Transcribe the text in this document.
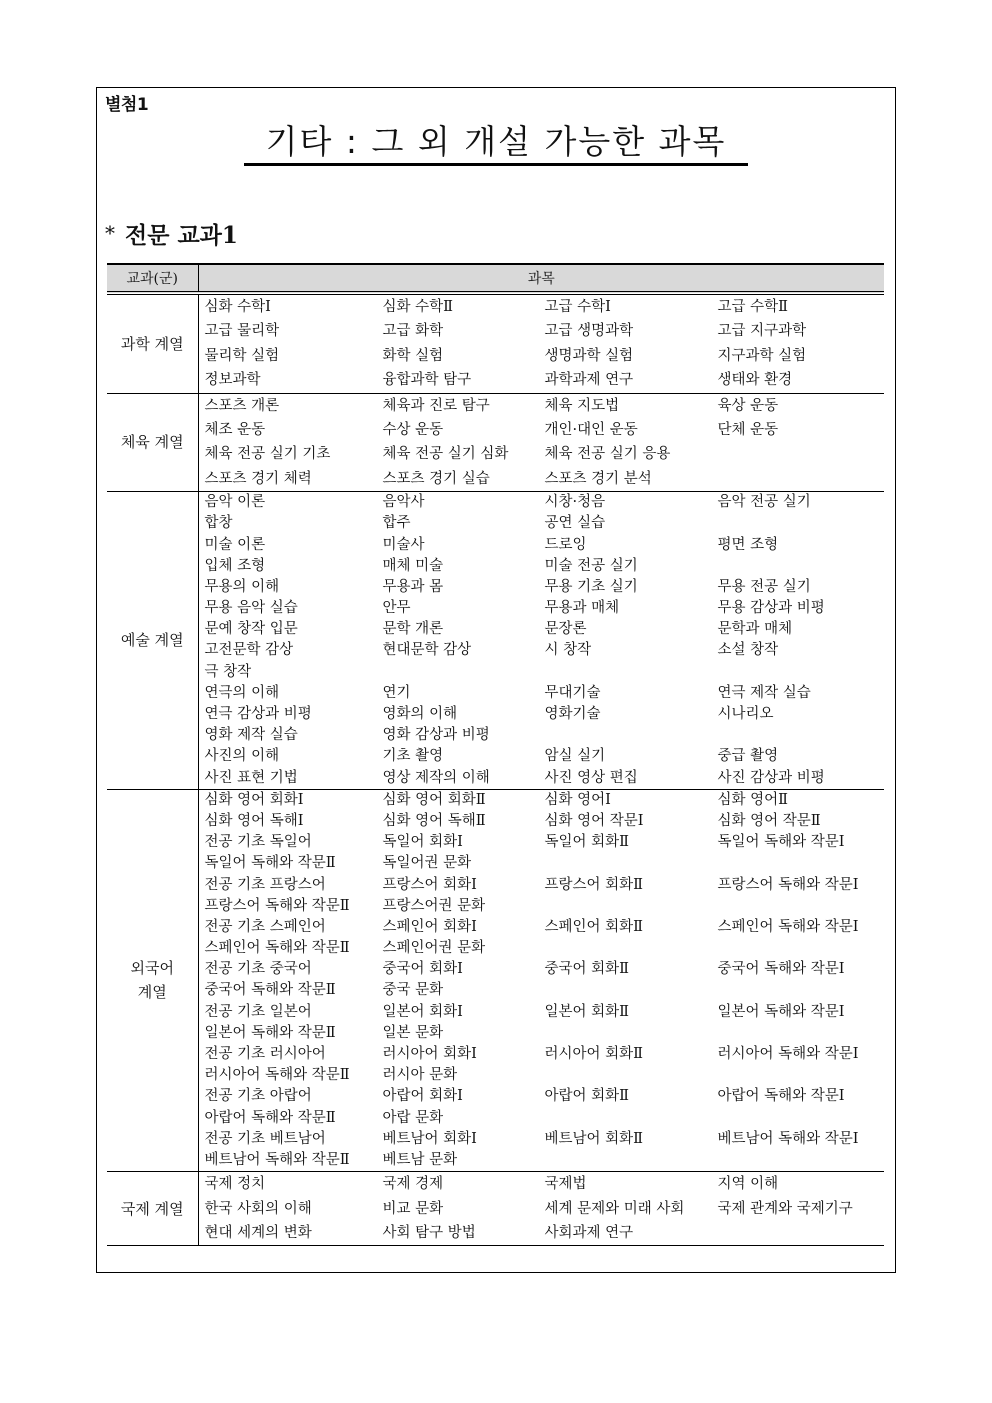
별첨1
기타 : 그 외 개설 가능한 과목
* 전문 교과1
교과(군)	과목
과학 계열	
심화 수학Ⅰ	심화 수학Ⅱ	고급 수학Ⅰ	고급 수학Ⅱ
고급 물리학	고급 화학	고급 생명과학	고급 지구과학
물리학 실험	화학 실험	생명과학 실험	지구과학 실험
정보과학	융합과학 탐구	과학과제 연구	생태와 환경

체육 계열	
스포츠 개론	체육과 진로 탐구	체육 지도법	육상 운동
체조 운동	수상 운동	개인·대인 운동	단체 운동
체육 전공 실기 기초	체육 전공 실기 심화	체육 전공 실기 응용
스포츠 경기 체력	스포츠 경기 실습	스포츠 경기 분석

예술 계열	
음악 이론	음악사	시창·청음	음악 전공 실기
합창	합주	공연 실습
미술 이론	미술사	드로잉	평면 조형
입체 조형	매체 미술	미술 전공 실기
무용의 이해	무용과 몸	무용 기초 실기	무용 전공 실기
무용 음악 실습	안무	무용과 매체	무용 감상과 비평
문예 창작 입문	문학 개론	문장론	문학과 매체
고전문학 감상	현대문학 감상	시 창작	소설 창작
극 창작
연극의 이해	연기	무대기술	연극 제작 실습
연극 감상과 비평	영화의 이해	영화기술	시나리오
영화 제작 실습	영화 감상과 비평
사진의 이해	기초 촬영	암실 실기	중급 촬영
사진 표현 기법	영상 제작의 이해	사진 영상 편집	사진 감상과 비평

외국어
계열

심화 영어 회화Ⅰ	심화 영어 회화Ⅱ	심화 영어Ⅰ	심화 영어Ⅱ
심화 영어 독해Ⅰ	심화 영어 독해Ⅱ	심화 영어 작문Ⅰ	심화 영어 작문Ⅱ
전공 기초 독일어	독일어 회화Ⅰ	독일어 회화Ⅱ	독일어 독해와 작문Ⅰ
독일어 독해와 작문Ⅱ	독일어권 문화
전공 기초 프랑스어	프랑스어 회화Ⅰ	프랑스어 회화Ⅱ	프랑스어 독해와 작문Ⅰ
프랑스어 독해와 작문Ⅱ	프랑스어권 문화
전공 기초 스페인어	스페인어 회화Ⅰ	스페인어 회화Ⅱ	스페인어 독해와 작문Ⅰ
스페인어 독해와 작문Ⅱ	스페인어권 문화
전공 기초 중국어	중국어 회화Ⅰ	중국어 회화Ⅱ	중국어 독해와 작문Ⅰ
중국어 독해와 작문Ⅱ	중국 문화
전공 기초 일본어	일본어 회화Ⅰ	일본어 회화Ⅱ	일본어 독해와 작문Ⅰ
일본어 독해와 작문Ⅱ	일본 문화
전공 기초 러시아어	러시아어 회화Ⅰ	러시아어 회화Ⅱ	러시아어 독해와 작문Ⅰ
러시아어 독해와 작문Ⅱ	러시아 문화
전공 기초 아랍어	아랍어 회화Ⅰ	아랍어 회화Ⅱ	아랍어 독해와 작문Ⅰ
아랍어 독해와 작문Ⅱ	아랍 문화
전공 기초 베트남어	베트남어 회화Ⅰ	베트남어 회화Ⅱ	베트남어 독해와 작문Ⅰ
베트남어 독해와 작문Ⅱ	베트남 문화

국제 계열	
국제 정치	국제 경제	국제법	지역 이해
한국 사회의 이해	비교 문화	세계 문제와 미래 사회	국제 관계와 국제기구
현대 세계의 변화	사회 탐구 방법	사회과제 연구
